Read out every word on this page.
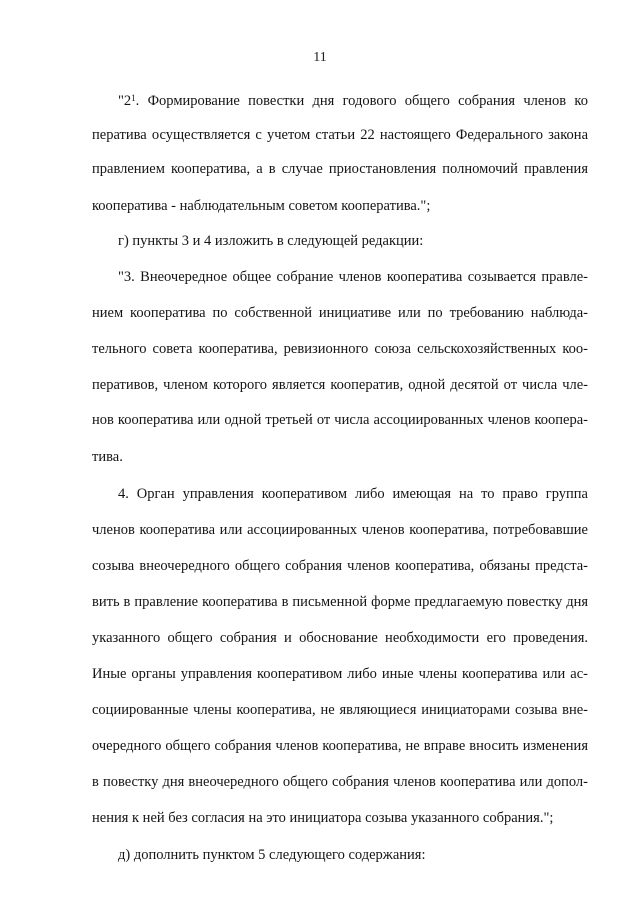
11
"$2^1$. Формирование повестки дня годового общего собрания членов ко
ператива осуществляется с учетом статьи 22 настоящего Федерального закона
правлением кооператива, а в случае приостановления полномочий правления
кооператива - наблюдательным советом кооператива.";
г) пункты 3 и 4 изложить в следующей редакции:
"3. Внеочередное общее собрание членов кооператива созывается правле-
нием кооператива по собственной инициативе или по требованию наблюда-
тельного совета кооператива, ревизионного союза сельскохозяйственных коо-
перативов, членом которого является кооператив, одной десятой от числа чле-
нов кооператива или одной третьей от числа ассоциированных членов коопера-
тива.
4. Орган управления кооперативом либо имеющая на то право группа
членов кооператива или ассоциированных членов кооператива, потребовавшие
созыва внеочередного общего собрания членов кооператива, обязаны предста-
вить в правление кооператива в письменной форме предлагаемую повестку дня
указанного общего собрания и обоснование необходимости его проведения.
Иные органы управления кооперативом либо иные члены кооператива или ас-
социированные члены кооператива, не являющиеся инициаторами созыва вне-
очередного общего собрания членов кооператива, не вправе вносить изменения
в повестку дня внеочередного общего собрания членов кооператива или допол-
нения к ней без согласия на это инициатора созыва указанного собрания.";
д) дополнить пунктом 5 следующего содержания:
